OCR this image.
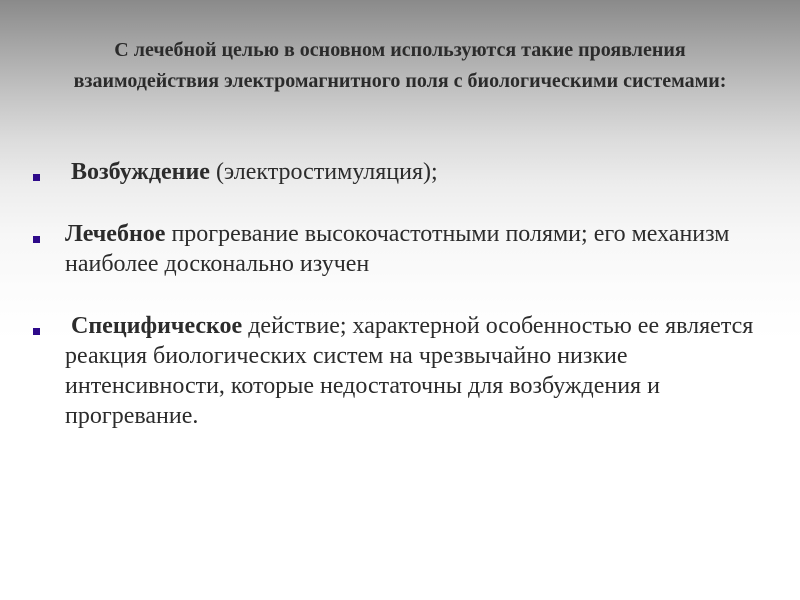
С лечебной целью в основном используются такие проявления взаимодействия электромагнитного поля с биологическими системами:
Возбуждение (электростимуляция);
Лечебное прогревание высокочастотными полями; его механизм наиболее досконально изучен
Специфическое действие; характерной особенностью ее является реакция биологических систем на чрезвычайно низкие интенсивности, которые недостаточны для возбуждения и прогревание.
